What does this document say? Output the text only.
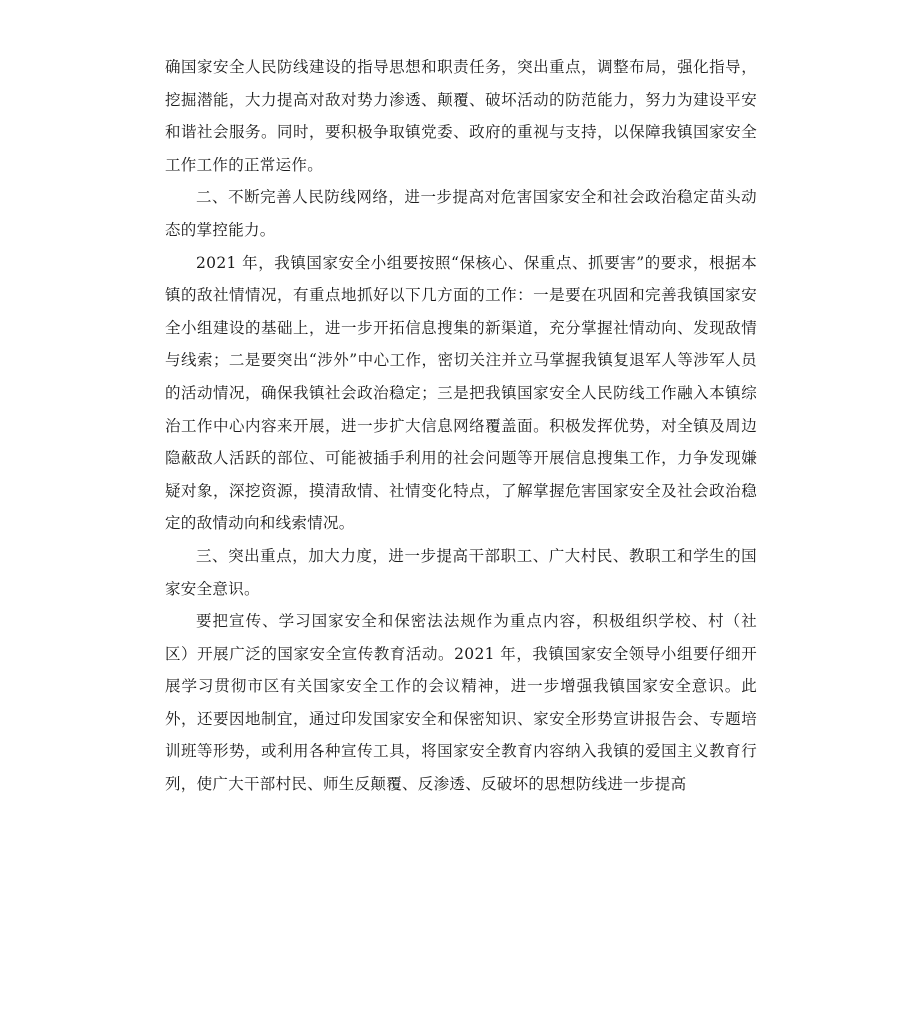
确国家安全人民防线建设的指导思想和职责任务，突出重点，调整布局，强化指导，挖掘潜能，大力提高对敌对势力渗透、颠覆、破坏活动的防范能力，努力为建设平安和谐社会服务。同时，要积极争取镇党委、政府的重视与支持，以保障我镇国家安全工作工作的正常运作。

二、不断完善人民防线网络，进一步提高对危害国家安全和社会政治稳定苗头动态的掌控能力。

2021 年，我镇国家安全小组要按照“保核心、保重点、抓要害”的要求，根据本镇的敌社情情况，有重点地抓好以下几方面的工作：一是要在巩固和完善我镇国家安全小组建设的基础上，进一步开拓信息搜集的新渠道，充分掌握社情动向、发现敌情与线索；二是要突出“涉外”中心工作，密切关注并立马掌握我镇复退军人等涉军人员的活动情况，确保我镇社会政治稳定；三是把我镇国家安全人民防线工作融入本镇综治工作中心内容来开展，进一步扩大信息网络覆盖面。积极发挥优势，对全镇及周边隐蔽敌人活跃的部位、可能被插手利用的社会问题等开展信息搜集工作，力争发现嫌疑对象，深挖资源，摸清敌情、社情变化特点，了解掌握危害国家安全及社会政治稳定的敌情动向和线索情况。

三、突出重点，加大力度，进一步提高干部职工、广大村民、教职工和学生的国家安全意识。

要把宣传、学习国家安全和保密法法规作为重点内容，积极组织学校、村（社区）开展广泛的国家安全宣传教育活动。2021 年，我镇国家安全领导小组要仔细开展学习贯彻市区有关国家安全工作的会议精神，进一步增强我镇国家安全意识。此外，还要因地制宜，通过印发国家安全和保密知识、家安全形势宣讲报告会、专题培训班等形势，或利用各种宣传工具，将国家安全教育内容纳入我镇的爱国主义教育行列，使广大干部村民、师生反颠覆、反渗透、反破坏的思想防线进一步提高
